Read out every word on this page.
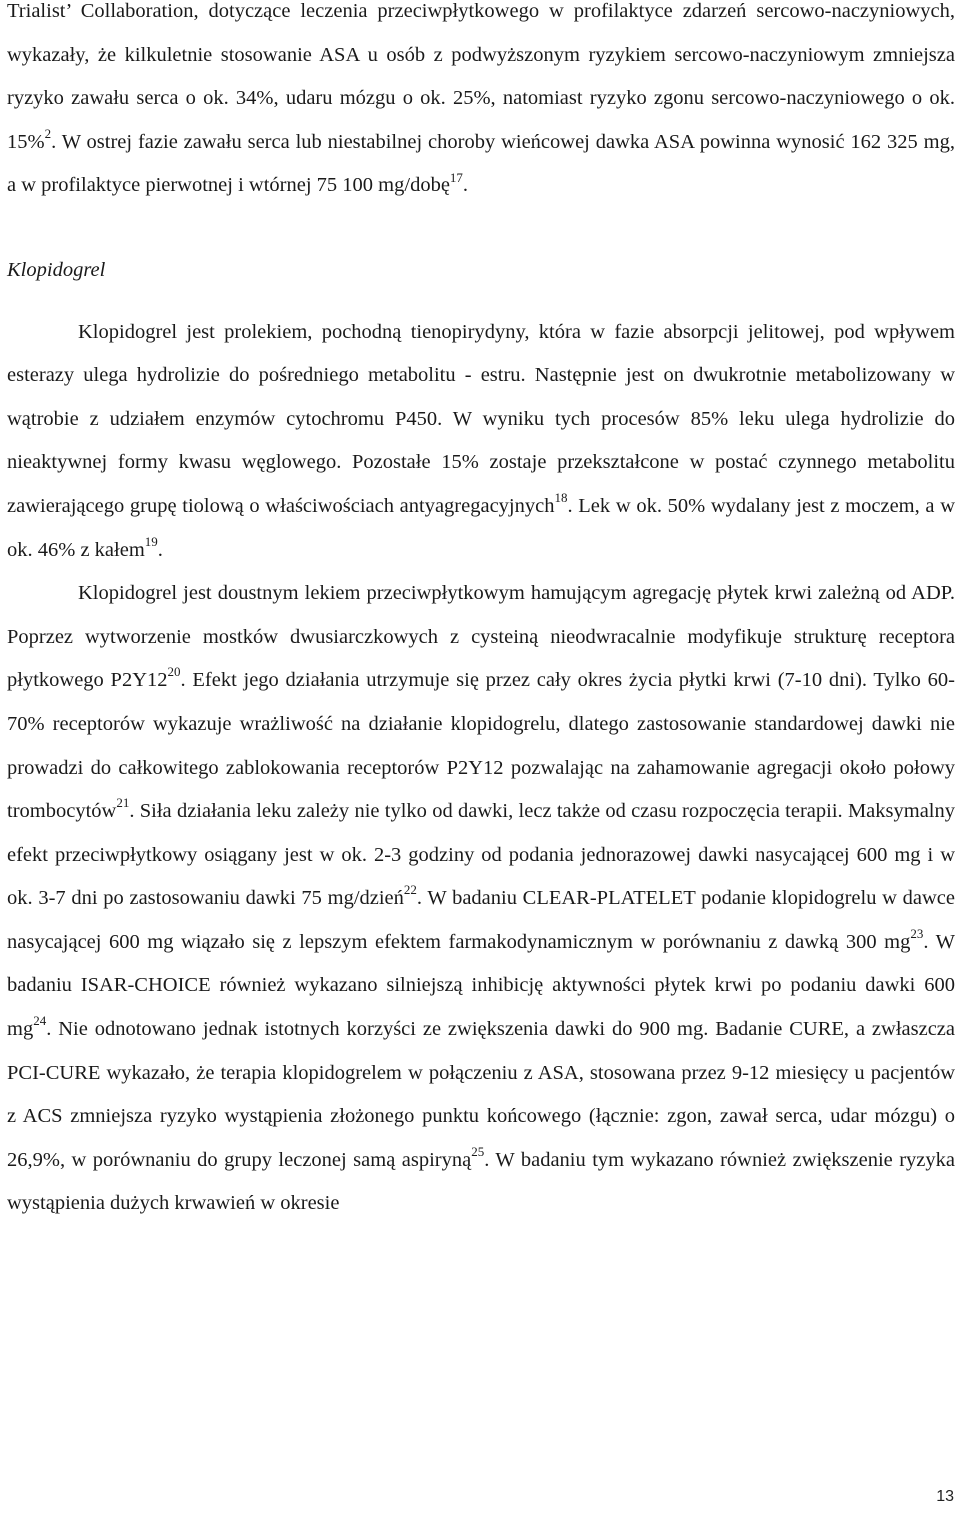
Trialist’ Collaboration, dotyczące leczenia przeciwpłytkowego w profilaktyce zdarzeń sercowo-naczyniowych, wykazały, że kilkuletnie stosowanie ASA u osób z podwyższonym ryzykiem sercowo-naczyniowym zmniejsza ryzyko zawału serca o ok. 34%, udaru mózgu o ok. 25%, natomiast ryzyko zgonu sercowo-naczyniowego o ok. 15%$^2$. W ostrej fazie zawału serca lub niestabilnej choroby wieńcowej dawka ASA powinna wynosić 162 325 mg, a w profilaktyce pierwotnej i wtórnej 75 100 mg/dobę$^{17}$.

Klopidogrel

Klopidogrel jest prolekiem, pochodną tienopirydyny, która w fazie absorpcji jelitowej, pod wpływem esterazy ulega hydrolizie do pośredniego metabolitu - estru. Następnie jest on dwukrotnie metabolizowany w wątrobie z udziałem enzymów cytochromu P450. W wyniku tych procesów 85% leku ulega hydrolizie do nieaktywnej formy kwasu węglowego. Pozostałe 15% zostaje przekształcone w postać czynnego metabolitu zawierającego grupę tiolową o właściwościach antyagregacyjnych$^{18}$. Lek w ok. 50% wydalany jest z moczem, a w ok. 46% z kałem$^{19}$.

Klopidogrel jest doustnym lekiem przeciwpłytkowym hamującym agregację płytek krwi zależną od ADP. Poprzez wytworzenie mostków dwusiarczkowych z cysteiną nieodwracalnie modyfikuje strukturę receptora płytkowego $P2Y12^{20}$. Efekt jego działania utrzymuje się przez cały okres życia płytki krwi (7-10 dni). Tylko 60-70% receptorów wykazuje wrażliwość na działanie klopidogrelu, dlatego zastosowanie standardowej dawki nie prowadzi do całkowitego zablokowania receptorów P2Y12 pozwalając na zahamowanie agregacji około połowy trombocytów$^{21}$. Siła działania leku zależy nie tylko od dawki, lecz także od czasu rozpoczęcia terapii. Maksymalny efekt przeciwpłytkowy osiągany jest w ok. 2-3 godziny od podania jednorazowej dawki nasycającej 600 mg i w ok. 3-7 dni po zastosowaniu dawki 75 mg/dzień$^{22}$. W badaniu CLEAR-PLATELET podanie klopidogrelu w dawce nasycającej 600 mg wiązało się z lepszym efektem farmakodynamicznym w porównaniu z dawką 300 $mg^{23}$. W badaniu ISAR-CHOICE również wykazano silniejszą inhibicję aktywności płytek krwi po podaniu dawki 600 $mg^{24}$. Nie odnotowano jednak istotnych korzyści ze zwiększenia dawki do 900 mg. Badanie CURE, a zwłaszcza PCI-CURE wykazało, że terapia klopidogrelem w połączeniu z ASA, stosowana przez 9-12 miesięcy u pacjentów z ACS zmniejsza ryzyko wystąpienia złożonego punktu końcowego (łącznie: zgon, zawał serca, udar mózgu) o 26,9%, w porównaniu do grupy leczonej samą aspiryną$^{25}$. W badaniu tym wykazano również zwiększenie ryzyka wystąpienia dużych krwawień w okresie

13
